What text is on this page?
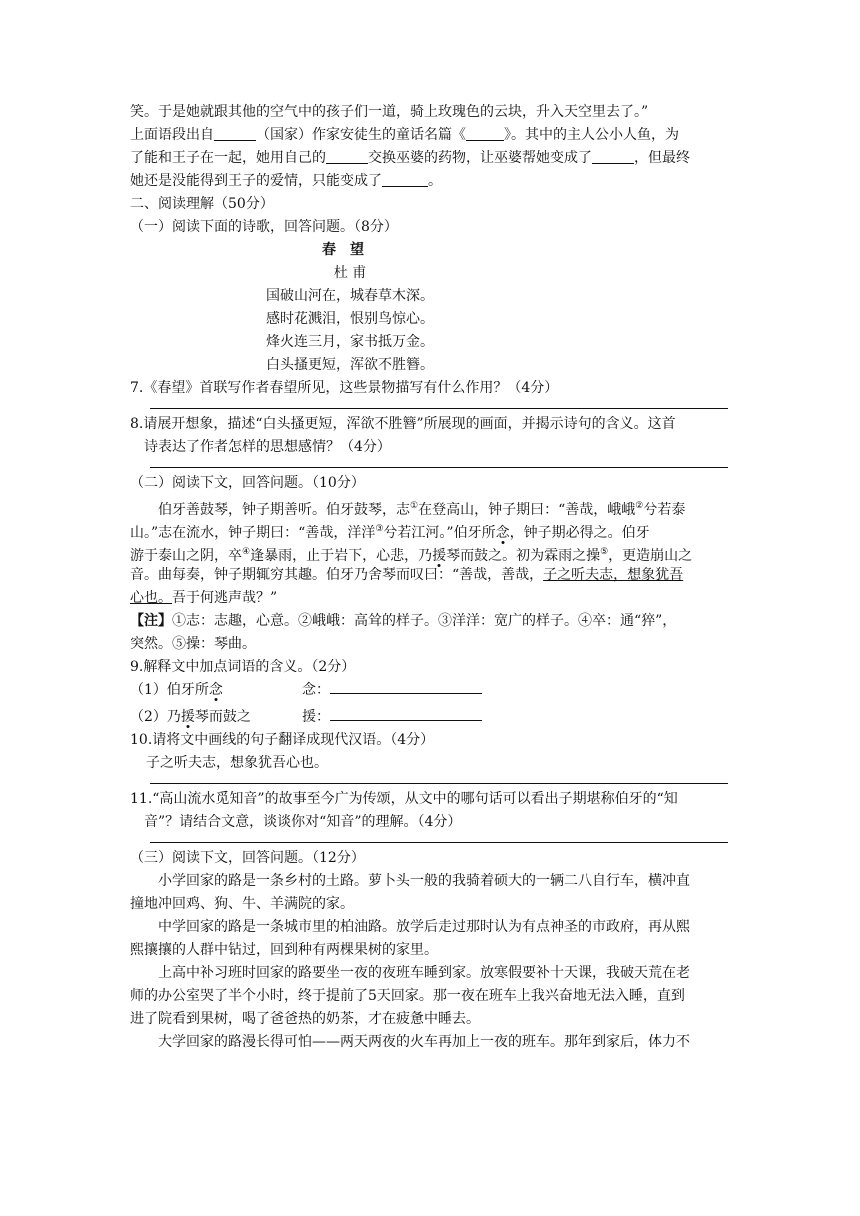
笑。于是她就跟其他的空气中的孩子们一道，骑上玫瑰色的云块，升入天空里去了。”
上面语段出自	（国家）作家安徒生的童话名篇《	》。其中的主人公小人鱼，为
了能和王子在一起，她用自己的	交换巫婆的药物，让巫婆帮她变成了	，但最终
她还是没能得到王子的爱情，只能变成了	。
二、阅读理解（50分）
（一）阅读下面的诗歌，回答问题。（8分）
春望
杜 甫
国破山河在，城春草木深。
感时花溅泪，恨别鸟惊心。
烽火连三月，家书抵万金。
白头搔更短，浑欲不胜簪。
7.《春望》首联写作者春望所见，这些景物描写有什么作用？（4分）
8.请展开想象，描述“白头搔更短，浑欲不胜簪”所展现的画面，并揭示诗句的含义。这首
诗表达了作者怎样的思想感情？（4分）
（二）阅读下文，回答问题。（10分）
伯牙善鼓琴，钟子期善听。伯牙鼓琴，志①在登高山，钟子期曰：“善哉，峨峨②兮若泰
山。”志在流水，钟子期曰：“善哉，洋洋③兮若江河。”伯牙所念，钟子期必得之。伯牙
游于泰山之阴，卒④逢暴雨，止于岩下，心悲，乃援琴而鼓之。初为霖雨之操⑤，更造崩山之
音。曲每奏，钟子期辄穷其趣。伯牙乃舍琴而叹曰：“善哉，善哉，子之听夫志，想象犹吾
心也。吾于何逃声哉？”
【注】①志：志趣，心意。②峨峨：高耸的样子。③洋洋：宽广的样子。④卒：通“猝”，
突然。⑤操：琴曲。
9.解释文中加点词语的含义。（2分）
（1）伯牙所念	念：
（2）乃援琴而鼓之	援：
10.请将文中画线的句子翻译成现代汉语。（4分）
子之听夫志，想象犹吾心也。
11.“高山流水觅知音”的故事至今广为传颂，从文中的哪句话可以看出子期堪称伯牙的“知
音”？请结合文意，谈谈你对“知音”的理解。（4分）
（三）阅读下文，回答问题。（12分）
小学回家的路是一条乡村的土路。萝卜头一般的我骑着硕大的一辆二八自行车，横冲直
撞地冲回鸡、狗、牛、羊满院的家。
中学回家的路是一条城市里的柏油路。放学后走过那时认为有点神圣的市政府，再从熙
熙攘攘的人群中钻过，回到种有两棵果树的家里。
上高中补习班时回家的路要坐一夜的夜班车睡到家。放寒假要补十天课，我破天荒在老
师的办公室哭了半个小时，终于提前了5天回家。那一夜在班车上我兴奋地无法入睡，直到
进了院看到果树，喝了爸爸热的奶茶，才在疲惫中睡去。
大学回家的路漫长得可怕——两天两夜的火车再加上一夜的班车。那年到家后，体力不
